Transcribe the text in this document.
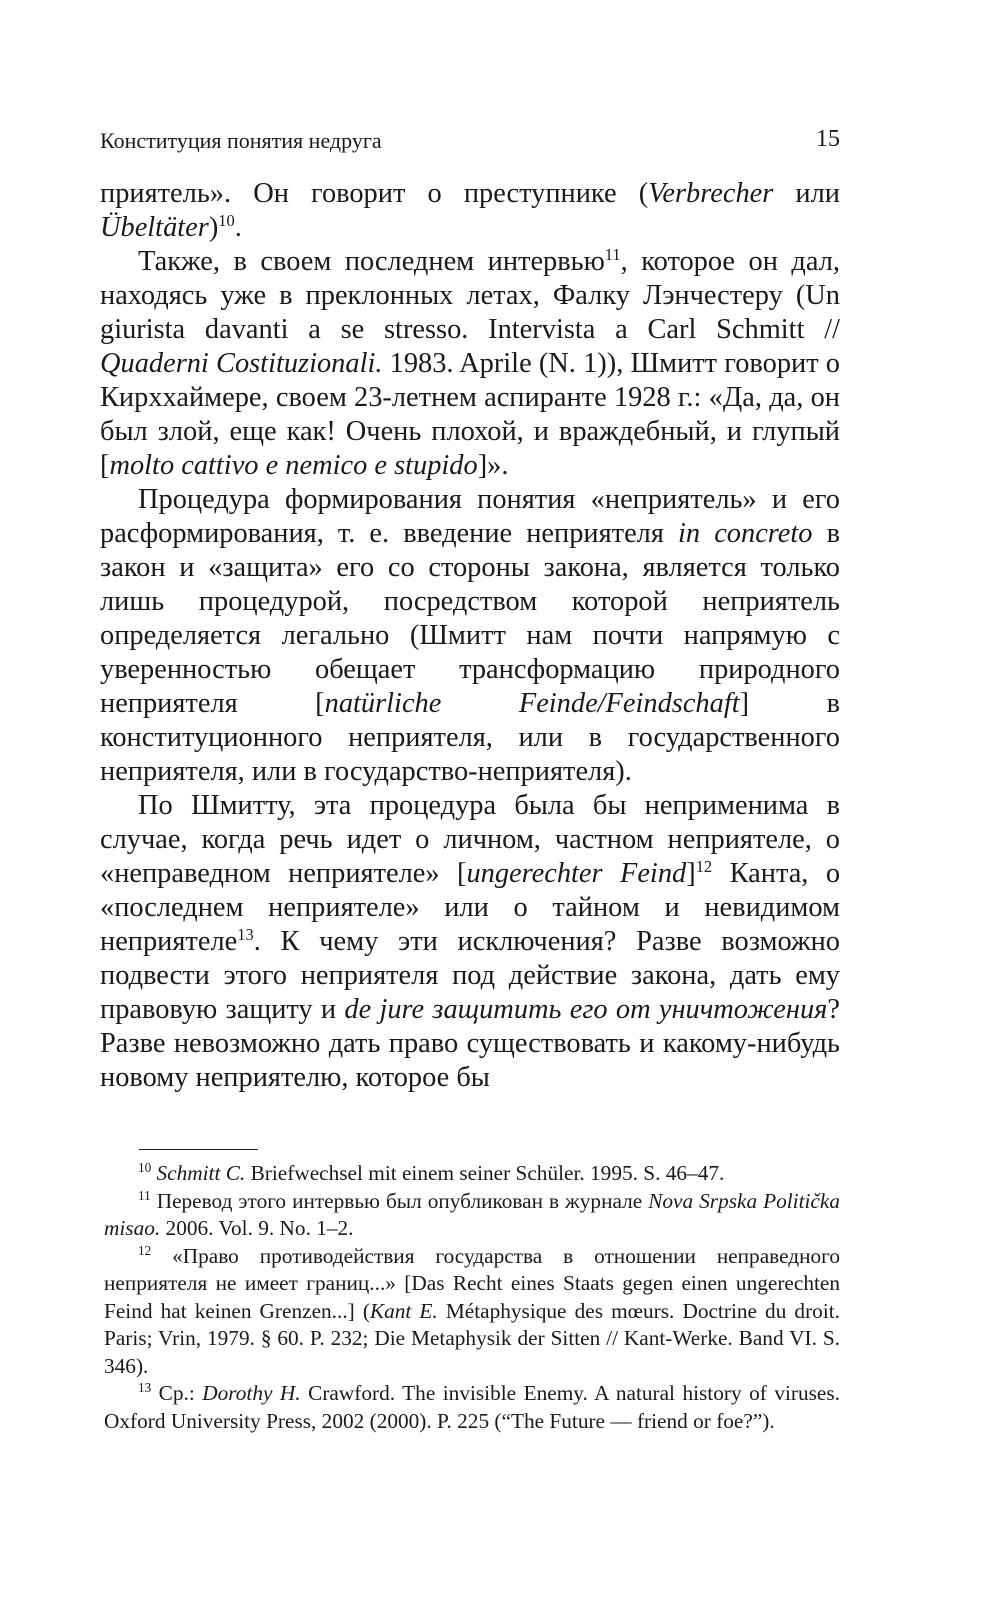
Конституция понятия недруга	15

приятель». Он говорит о преступнике (Verbrecher или Übeltäter)$^{10}$.

Также, в своем последнем интервью$^{11}$, которое он дал, находясь уже в преклонных летах, Фалку Лэнчестеру (Un giurista davanti a se stresso. Intervista a Carl Schmitt // Quaderni Costituzionali. 1983. Aprile (N. 1)), Шмитт говорит о Кирххаймере, своем 23-летнем аспиранте 1928 г.: «Да, да, он был злой, еще как! Очень плохой, и враждебный, и глупый [molto cattivo e nemico e stupido]».

Процедура формирования понятия «неприятель» и его расформирования, т. е. введение неприятеля in concreto в закон и «защита» его со стороны закона, является только лишь процедурой, посредством которой неприятель определяется легально (Шмитт нам почти напрямую с уверенностью обещает трансформацию природного неприятеля [natürliche Feinde/Feindschaft] в конституционного неприятеля, или в государственного неприятеля, или в государство-неприятеля).

По Шмитту, эта процедура была бы неприменима в случае, когда речь идет о личном, частном неприятеле, о «неправедном неприятеле» [ungerechter Feind]$^{12}$ Канта, о «последнем неприятеле» или о тайном и невидимом неприятеле$^{13}$. К чему эти исключения? Разве возможно подвести этого неприятеля под действие закона, дать ему правовую защиту и de jure защитить его от уничтожения? Разве невозможно дать право существовать и какому-нибудь новому неприятелю, которое бы

$^{10}$ Schmitt C. Briefwechsel mit einem seiner Schüler. 1995. S. 46–47.

$^{11}$ Перевод этого интервью был опубликован в журнале Nova Srpska Politička misao. 2006. Vol. 9. No. 1–2.

$^{12}$ «Право противодействия государства в отношении неправедного неприятеля не имеет границ...» [Das Recht eines Staats gegen einen ungerechten Feind hat keinen Grenzen...] (Kant E. Métaphysique des mœurs. Doctrine du droit. Paris; Vrin, 1979. § 60. P. 232; Die Metaphysik der Sitten // Kant-Werke. Band VI. S. 346).

$^{13}$ Ср.: Dorothy H. Crawford. The invisible Enemy. A natural history of viruses. Oxford University Press, 2002 (2000). P. 225 (“The Future — friend or foe?”).
